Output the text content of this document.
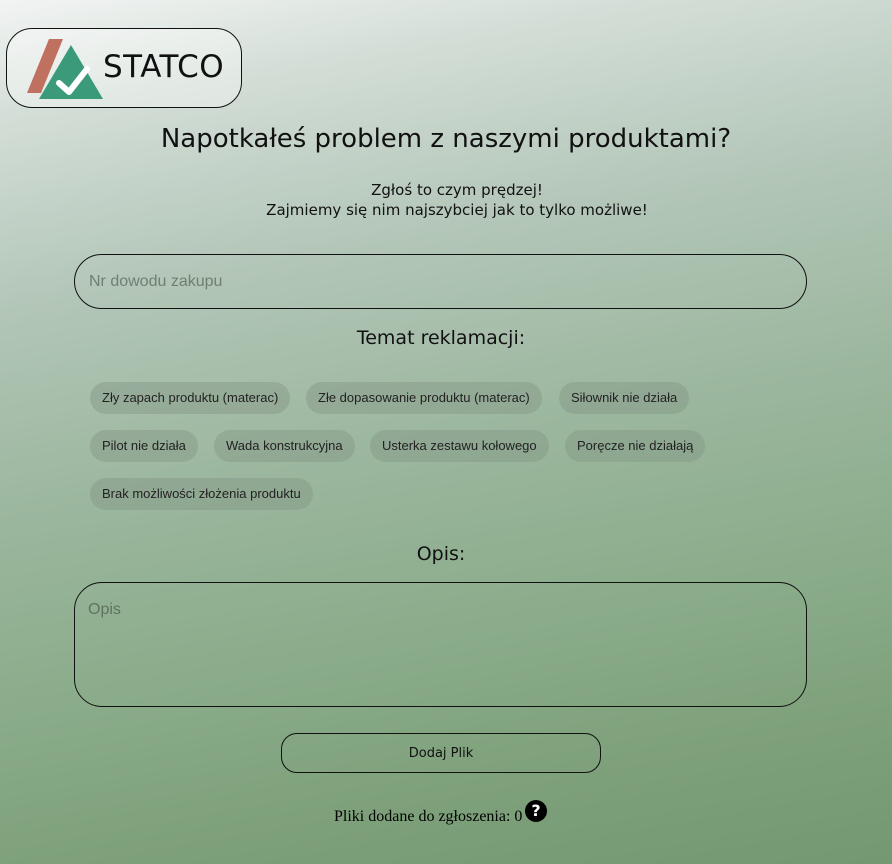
STATCO
Napotkałeś problem z naszymi produktami?
Zgłoś to czym prędzej!
Zajmiemy się nim najszybciej jak to tylko możliwe!
Nr dowodu zakupu
Temat reklamacji:
Zły zapach produktu (materac)	Złe dopasowanie produktu (materac)	Siłownik nie działa
Pilot nie działa	Wada konstrukcyjna	Usterka zestawu kołowego	Poręcze nie działają
Brak możliwości złożenia produktu
Opis:
Opis
Dodaj Plik
Pliki dodane do zgłoszenia: 0 ?
